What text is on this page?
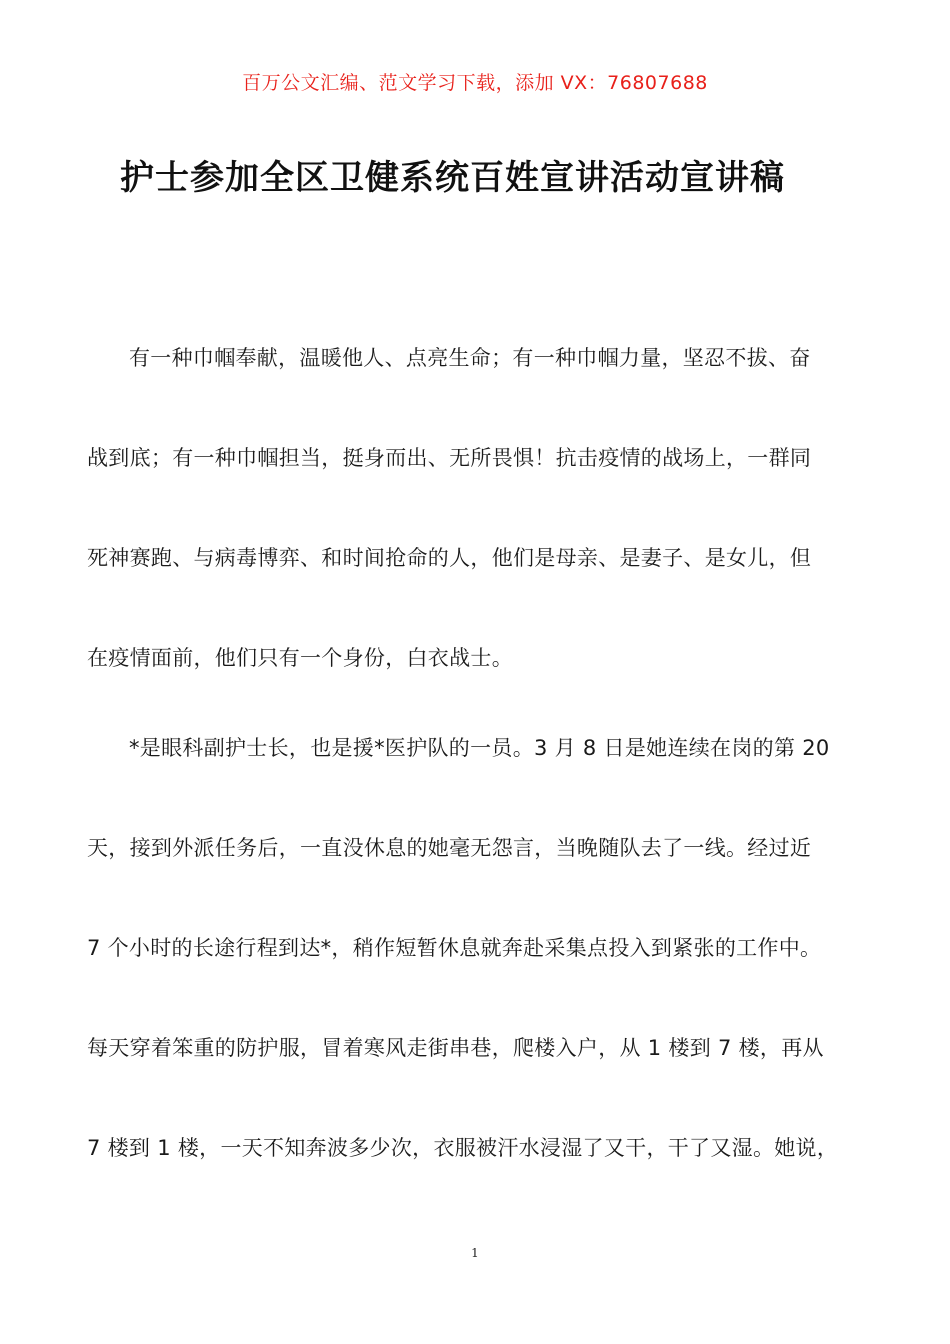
百万公文汇编、范文学习下载，添加 VX：76807688
护士参加全区卫健系统百姓宣讲活动宣讲稿
有一种巾帼奉献，温暖他人、点亮生命；有一种巾帼力量，坚忍不拔、奋
战到底；有一种巾帼担当，挺身而出、无所畏惧！抗击疫情的战场上，一群同
死神赛跑、与病毒博弈、和时间抢命的人，他们是母亲、是妻子、是女儿，但
在疫情面前，他们只有一个身份，白衣战士。
*是眼科副护士长，也是援*医护队的一员。3 月 8 日是她连续在岗的第 20
天，接到外派任务后，一直没休息的她毫无怨言，当晚随队去了一线。经过近
7 个小时的长途行程到达*，稍作短暂休息就奔赴采集点投入到紧张的工作中。
每天穿着笨重的防护服，冒着寒风走街串巷，爬楼入户，从 1 楼到 7 楼，再从
7 楼到 1 楼，一天不知奔波多少次，衣服被汗水浸湿了又干，干了又湿。她说，
1
